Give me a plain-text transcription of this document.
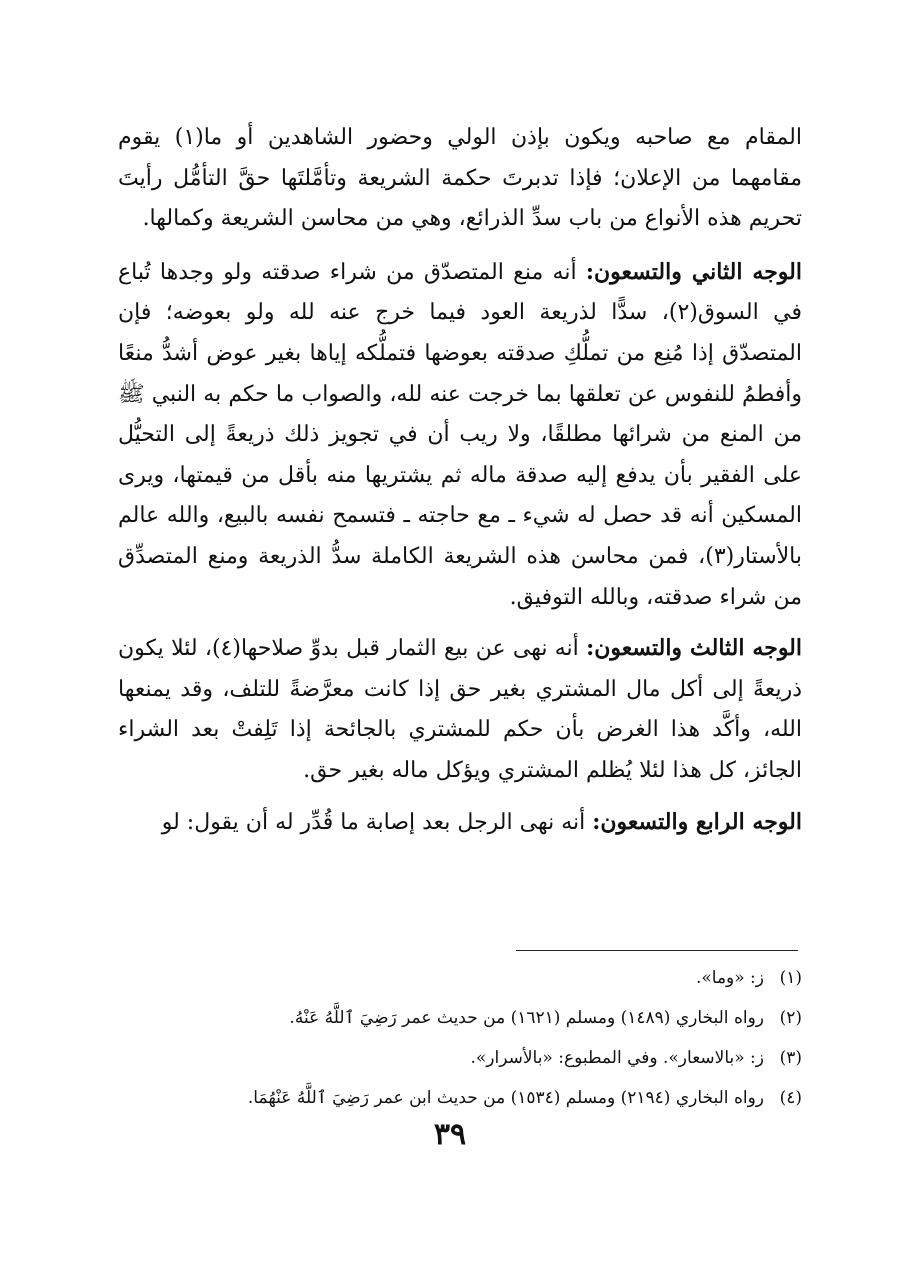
المقام مع صاحبه ويكون بإذن الولي وحضور الشاهدين أو ما(١) يقوم مقامهما من الإعلان؛ فإذا تدبرتَ حكمة الشريعة وتأمَّلتَها حقَّ التأمُّل رأيتَ تحريم هذه الأنواع من باب سدِّ الذرائع، وهي من محاسن الشريعة وكمالها.

الوجه الثاني والتسعون: أنه منع المتصدّق من شراء صدقته ولو وجدها تُباع في السوق(٢)، سدًّا لذريعة العود فيما خرج عنه لله ولو بعوضه؛ فإن المتصدّق إذا مُنِع من تملُّكِ صدقته بعوضها فتملُّكه إياها بغير عوض أشدُّ منعًا وأفطمُ للنفوس عن تعلقها بما خرجت عنه لله، والصواب ما حكم به النبي ﷺ من المنع من شرائها مطلقًا، ولا ريب أن في تجويز ذلك ذريعةً إلى التحيُّل على الفقير بأن يدفع إليه صدقة ماله ثم يشتريها منه بأقل من قيمتها، ويرى المسكين أنه قد حصل له شيء ـ مع حاجته ـ فتسمح نفسه بالبيع، والله عالم بالأستار(٣)، فمن محاسن هذه الشريعة الكاملة سدُّ الذريعة ومنع المتصدِّق من شراء صدقته، وبالله التوفيق.

الوجه الثالث والتسعون: أنه نهى عن بيع الثمار قبل بدوِّ صلاحها(٤)، لئلا يكون ذريعةً إلى أكل مال المشتري بغير حق إذا كانت معرَّضةً للتلف، وقد يمنعها الله، وأكَّد هذا الغرض بأن حكم للمشتري بالجائحة إذا تَلِفتْ بعد الشراء الجائز، كل هذا لئلا يُظلم المشتري ويؤكل ماله بغير حق.

الوجه الرابع والتسعون: أنه نهى الرجل بعد إصابة ما قُدِّر له أن يقول: لو

(١)ز: «وما».
(٢)رواه البخاري (١٤٨٩) ومسلم (١٦٢١) من حديث عمر رَضِيَ ٱللَّهُ عَنْهُ.
(٣)ز: «بالاسعار». وفي المطبوع: «بالأسرار».
(٤)رواه البخاري (٢١٩٤) ومسلم (١٥٣٤) من حديث ابن عمر رَضِيَ ٱللَّهُ عَنْهُمَا.
٣٩
